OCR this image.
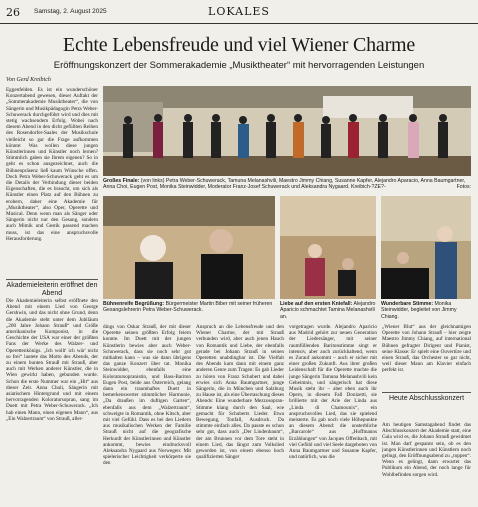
26 Samstag, 2. August 2025	LOKALES
Echte Lebensfreude und viel Wiener Charme
Eröffnungskonzert der Sommerakademie „Musiktheater“ mit hervorragenden Leistungen
Von Gerd Kreibich
Eggenfelden. Es ist ein wunderschöner Konzertabend gewesen, dieser Auftakt der „Sommerakademie Musiktheater“, die von Sängerin und Musikpädagogin Petra Weber-Schuwerack durchgeführt wird und dies mit stetig wachsendem Erfolg. Wobei nach diesem Abend in den dicht gefüllten Reihen des Rosendorfer-Saales der Musikschule vielleicht so gar die Frage aufkommen könnte: Was wollen diese jungen Künstlerinnen und Künstler noch lernen? Stimmlich gaben sie Ihrem eigenen? So in geht es schon ausgezeichnet, auch die Bühnenpräsenz ließ kaum Wünsche offen. Doch Petra Weber-Schuwerack geht es um die Details der Verbindung dieser beiden Eigenschaften, die es braucht, um sich als Künstler einen Platz auf den Bühnen zu erobern, daher eine Akademie für „Musiktheater“, also Oper, Operette und Musical. Denn wenn man als Sänger oder Sängerin nicht nur den Gesang, sondern auch Mimik und Gestik passend machen muss, ist das eine anspruchsvolle Herausforderung.
Großes Finale: (von links) Petra Weber-Schuwerack, Tamuna Melanashvili, Maestro Jimmy Chiang, Susanne Kapfer, Alejandro Aparacio, Anna Baumgartner, Anna Choi, Eugen Post, Monika Steinwidder, Moderator Franz-Josef Schuwerack und Aleksandra Nygaard. Kreibich-?ZE?-	Fotos:
Bühnenreife Begrüßung: Bürgermeister Martin Biber mit seiner früheren Gesangslehrerin Petra Weber-Schuwerack.
Liebe auf den ersten Kniefall: Alejandro Aparicio schmachtet Tamina Melanashvili an.
Wunderbare Stimme: Monika Steinwidder, begleitet von Jimmy Chiang.
Akademieleiterin eröffnet den Abend
Die Akademieleiterin selbst eröffnete den Abend mit einem Lied von George Gershwin, und das nicht ohne Grund, denn die Akademie steht unter dem Jubiläum „200 Jahre Johann Strauß“ und Größe amerikanische Komponist, in die Geschichte der USA war einer der größten Fans der Werke des Walzer- und Operettenkönigs. „Ich wollt' ich wär' nicht so frei“ lautete das Motto des Abends, der zu einem bunten Strauß mit Strauß, aber auch mit Werken anderer Künstler, die in Wien gewirkt haben, gebunden wurde. Schon die erste Nummer war ein „Hit“ aus dieser Zeit. Anna Chuli, Sängerin mit asiatischem Hintergrund und mit einem hervorragenden Koloratursopran, sang im Duett mit Petra Weber-Schuwerack. „Ich hab einen Mann, einen eigenen Mann“, aus „Ein Walzertraum“ von Strauß, aller-
dings von Oskar Strauß, der mit dieser Operette seinen größten Erfolg feiern konnte. Im Duett mit der jungen Künstlerin bewies aber auch Weber-Schuwerack, dass sie noch sehr gut mithalten kann – was sie dann übrigens das ganze Konzert über tat. Monika Steinwidder, ebenfalls eine Koloratursopranistin, und Bass-Bariton Eugen Post, beide aus Österreich, gelang dann ein traumhaftes Duett in bemerkenswerter stimmlicher Harmonie, „Da draußen im duftigen Garten“, ebenfalls aus dem „Walzertraum“, schwelgte in Romantik, ohne Kitsch, aber mit viel Gefühl. Dass es bei den Liedern aus musikalischen Werken der Familie Strauß nicht auf die geografische Herkunft der Künstlerinnen und Künstler ankommt, bewies eindrucksvoll Aleksandra Nygaard aus Norwegen: Mit spielerischer Leichtigkeit verkörperte sie den
Anspruch an die Lebensfreude und den Wiener Charme, der mit Strauß verbunden wird, aber auch jenen Hauch von Romantik und Liebe, der ebenfalls gerade bei Johann Strauß in seinen Operetten unabdingbar ist. Die Vielfalt des Abends kam dann mit einem ganz anderen Genre zum Tragen: Es gab Lieder zu hören von Franz Schubert und dabei erwies sich Anna Baumgartner, junge Sängerin, die in München und Salzburg zu Hause ist, als eine Überraschung dieses Abends: Eine wunderbare Mezzosopran-Stimme klang durch den Saal, wie gemacht für Schuberts Lieder. Etwa Bewegung, Tonfall, Ausdruck. Da stimmte einfach alles. Da passte es schon sehr gut, dass auch „Der Lindenbaum“, der am Brunnen vor dem Tore steht in einem Lied, das längst zum Volkslied geworden ist, von einem ebenso hoch qualifizierten Sänger
vorgetragen wurde. Alejandro Aparicio aus Madrid gehört zur neuen Generation der Liedersänger, mit seiner raumfüllenden Baritonstimme singt er intensiv, aber auch zurückhaltend, wenn es Zurauf ankommt – auch er sicher mit einer großen Zukunft. Aus ihrer großen Leidenschaft für die Operette machte die junge Sängerin Tamuna Melanashvili kein Geheimnis, und sängerisch hat diese Musik steht ihr – aber eben auch ihr Opern, in diesem Fall Donizetti, sie brillierte mit der Arie der Linda aus „Linda di Chamounix“, ein anspruchsvolles Lied, das sie spielend meisterte. Es gab noch viele Höhepunkte an diesem Abend: die unsterbliche „Barcarole“ aus „Hoffmanns Erzählungen“ von Jacques Offenbach, mit viel Gefühl und viel Seele dargeboten von Anna Baumgartner und Susanne Kapfer, und natürlich, was die
„Wiener Blut“ aus der gleichnamigen Operette von Johann Strauß – hier zeigte Maestro Jimmy Chiang, auf international Bühnen gefragter Dirigent und Pianist, seine Klasse: Er spielt eine Ouvertüre und einen Strauß, das Orchester so gar nicht, weil dieser Mann am Klavier einfach perfekt ist.
Heute Abschlusskonzert
Am heutigen Samstagabend findet das Abschlusskonzert der Akademie statt, eine Gala wird es, die Johann Strauß gewidmet ist. Man darf gespannt sein, ob es den jungen Künstlerinnen und Künstlern noch gelingt, den Eröffnungsabend zu „toppen“. Wenn es gelingt, dann erwartet das Publikum ein Abend, der noch lange für Wohlbefinden sorgen wird.
